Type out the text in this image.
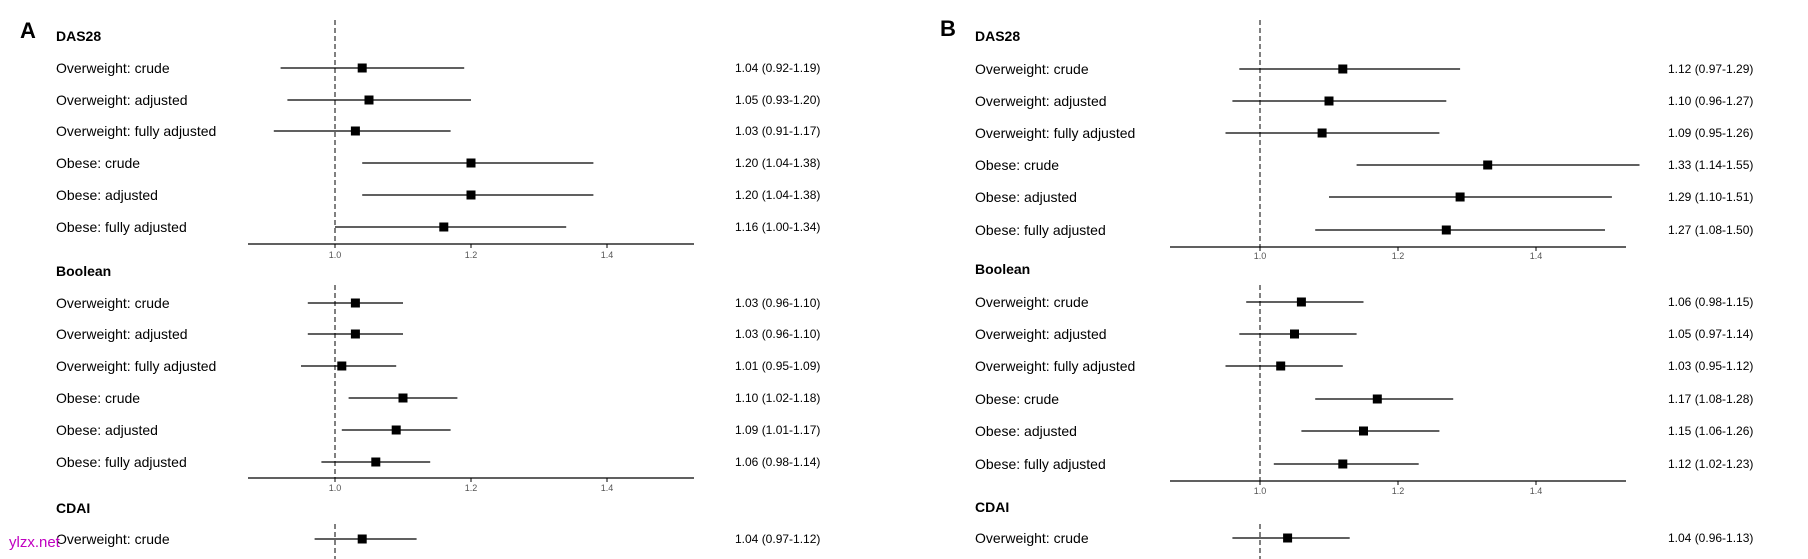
A DAS28
Overweight: crude	1.04 (0.92-1.19)
Overweight: adjusted	1.05 (0.93-1.20)
Overweight: fully adjusted	1.03 (0.91-1.17)
Obese: crude	1.20 (1.04-1.38)
Obese: adjusted	1.20 (1.04-1.38)
Obese: fully adjusted	1.16 (1.00-1.34)
1.0	1.2	1.4
Boolean
Overweight: crude	1.03 (0.96-1.10)
Overweight: adjusted	1.03 (0.96-1.10)
Overweight: fully adjusted	1.01 (0.95-1.09)
Obese: crude	1.10 (1.02-1.18)
Obese: adjusted	1.09 (1.01-1.17)
Obese: fully adjusted	1.06 (0.98-1.14)
1.0	1.2	1.4
CDAI
Overweight: crude	1.04 (0.97-1.12)
B DAS28
Overweight: crude	1.12 (0.97-1.29)
Overweight: adjusted	1.10 (0.96-1.27)
Overweight: fully adjusted	1.09 (0.95-1.26)
Obese: crude	1.33 (1.14-1.55)
Obese: adjusted	1.29 (1.10-1.51)
Obese: fully adjusted	1.27 (1.08-1.50)
1.0	1.2	1.4
Boolean
Overweight: crude	1.06 (0.98-1.15)
Overweight: adjusted	1.05 (0.97-1.14)
Overweight: fully adjusted	1.03 (0.95-1.12)
Obese: crude	1.17 (1.08-1.28)
Obese: adjusted	1.15 (1.06-1.26)
Obese: fully adjusted	1.12 (1.02-1.23)
1.0	1.2	1.4
CDAI
Overweight: crude	1.04 (0.96-1.13)
ylzx.net
